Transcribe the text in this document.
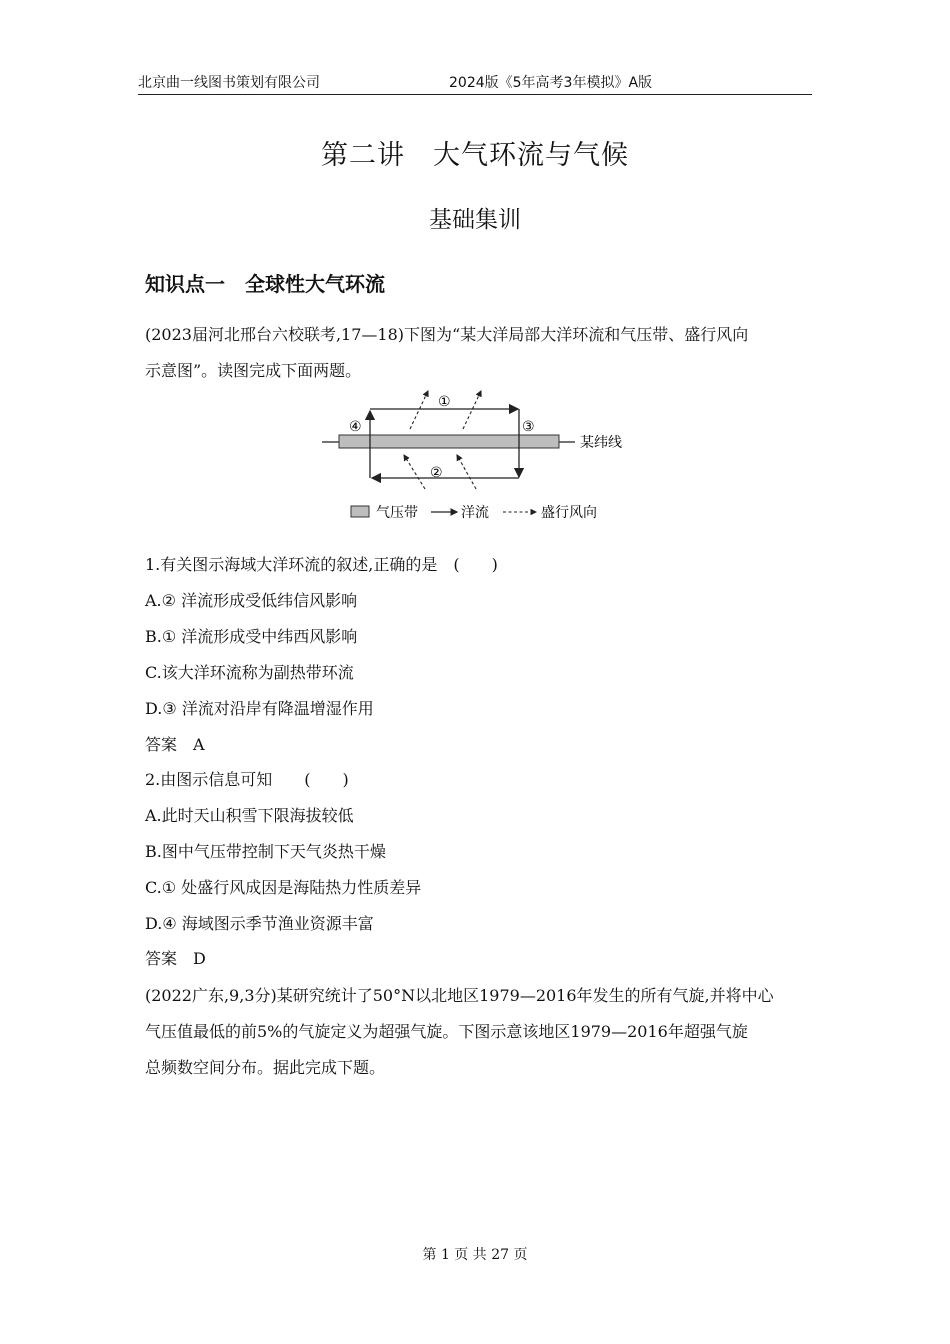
北京曲一线图书策划有限公司	2024版《5年高考3年模拟》A版
第二讲　大气环流与气候
基础集训
知识点一　全球性大气环流
(2023届河北邢台六校联考,17—18)下图为“某大洋局部大洋环流和气压带、盛行风向
示意图”。读图完成下面两题。
①
②
③
④
某纬线
气压带	洋流	盛行风向
1.有关图示海域大洋环流的叙述,正确的是　(　　)
A.② 洋流形成受低纬信风影响
B.① 洋流形成受中纬西风影响
C.该大洋环流称为副热带环流
D.③ 洋流对沿岸有降温增湿作用
答案　A
2.由图示信息可知　　(　　)
A.此时天山积雪下限海拔较低
B.图中气压带控制下天气炎热干燥
C.① 处盛行风成因是海陆热力性质差异
D.④ 海域图示季节渔业资源丰富
答案　D
(2022广东,9,3分)某研究统计了50°N以北地区1979—2016年发生的所有气旋,并将中心
气压值最低的前5%的气旋定义为超强气旋。下图示意该地区1979—2016年超强气旋
总频数空间分布。据此完成下题。
第 1 页 共 27 页
